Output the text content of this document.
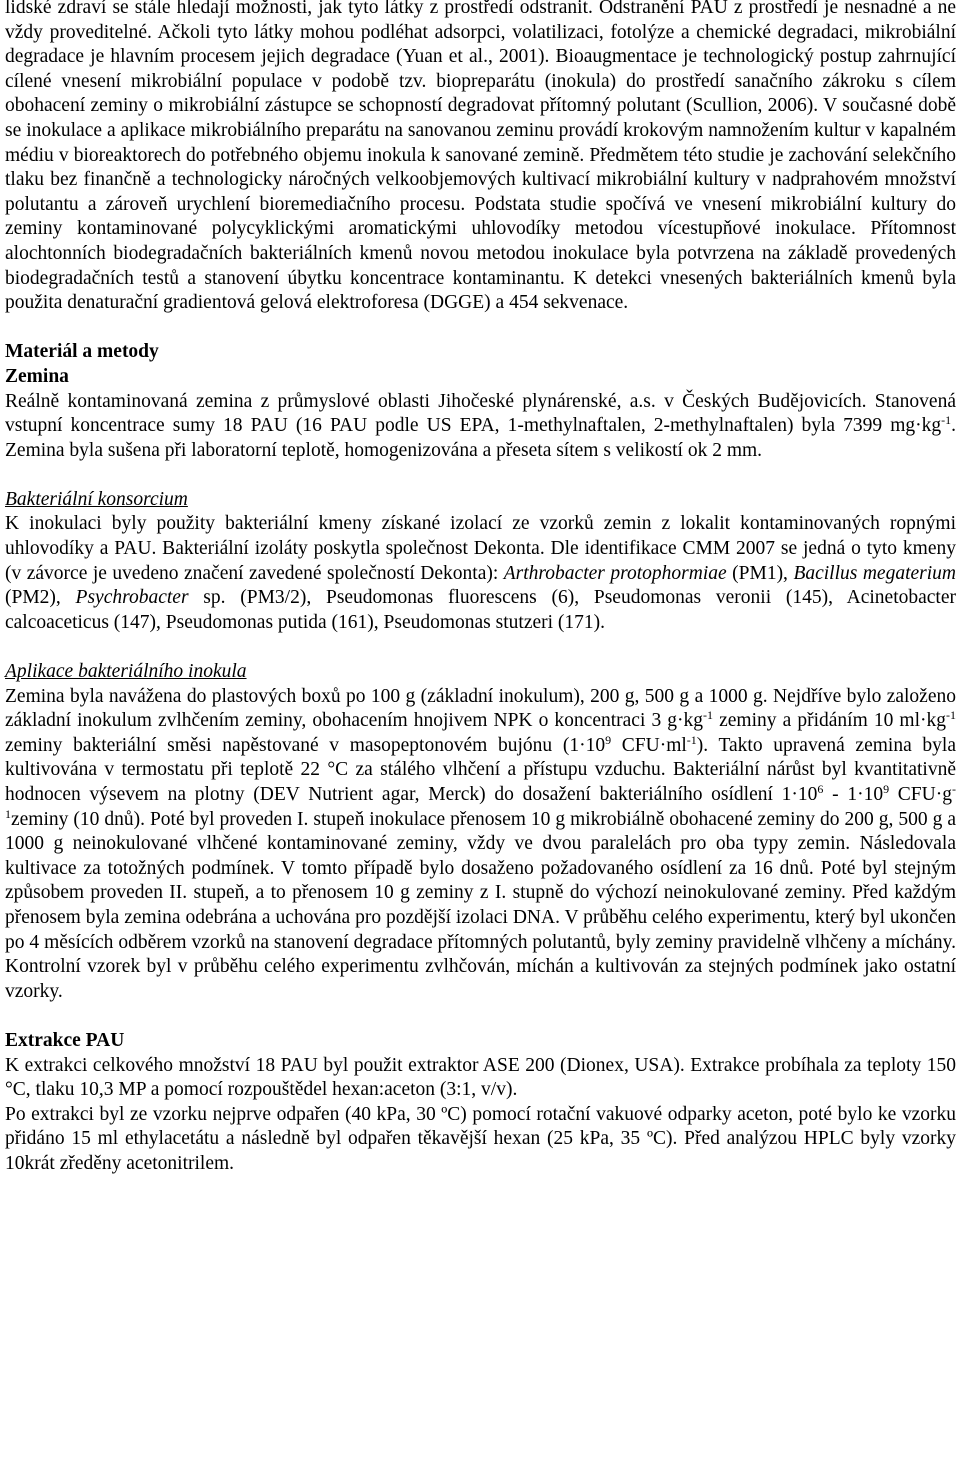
lidské zdraví se stále hledají možnosti, jak tyto látky z prostředí odstranit. Odstranění PAU z prostředí je nesnadné a ne vždy proveditelné. Ačkoli tyto látky mohou podléhat adsorpci, volatilizaci, fotolýze a chemické degradaci, mikrobiální degradace je hlavním procesem jejich degradace (Yuan et al., 2001). Bioaugmentace je technologický postup zahrnující cílené vnesení mikrobiální populace v podobě tzv. biopreparátu (inokula) do prostředí sanačního zákroku s cílem obohacení zeminy o mikrobiální zástupce se schopností degradovat přítomný polutant (Scullion, 2006). V současné době se inokulace a aplikace mikrobiálního preparátu na sanovanou zeminu provádí krokovým namnožením kultur v kapalném médiu v bioreaktorech do potřebného objemu inokula k sanované zemině. Předmětem této studie je zachování selekčního tlaku bez finančně a technologicky náročných velkoobjemových kultivací mikrobiální kultury v nadprahovém množství polutantu a zároveň urychlení bioremediačního procesu. Podstata studie spočívá ve vnesení mikrobiální kultury do zeminy kontaminované polycyklickými aromatickými uhlovodíky metodou vícestupňové inokulace. Přítomnost alochtonních biodegradačních bakteriálních kmenů novou metodou inokulace byla potvrzena na základě provedených biodegradačních testů a stanovení úbytku koncentrace kontaminantu. K detekci vnesených bakteriálních kmenů byla použita denaturační gradientová gelová elektroforesa (DGGE) a 454 sekvenace.

Materiál a metody
Zemina

Reálně kontaminovaná zemina z průmyslové oblasti Jihočeské plynárenské, a.s. v Českých Budějovicích. Stanovená vstupní koncentrace sumy 18 PAU (16 PAU podle US EPA, 1-methylnaftalen, 2-methylnaftalen) byla 7399 $mg\cdot kg^{-1}$. Zemina byla sušena při laboratorní teplotě, homogenizována a přeseta sítem s velikostí ok 2 mm.

Bakteriální konsorcium

K inokulaci byly použity bakteriální kmeny získané izolací ze vzorků zemin z lokalit kontaminovaných ropnými uhlovodíky a PAU. Bakteriální izoláty poskytla společnost Dekonta. Dle identifikace CMM 2007 se jedná o tyto kmeny (v závorce je uvedeno značení zavedené společností Dekonta): Arthrobacter protophormiae (PM1), Bacillus megaterium (PM2), Psychrobacter sp. (PM3/2), Pseudomonas fluorescens (6), Pseudomonas veronii (145), Acinetobacter calcoaceticus (147), Pseudomonas putida (161), Pseudomonas stutzeri (171).

Aplikace bakteriálního inokula

Zemina byla navážena do plastových boxů po 100 g (základní inokulum), 200 g, 500 g a 1000 g. Nejdříve bylo založeno základní inokulum zvlhčením zeminy, obohacením hnojivem NPK o koncentraci 3 $g\cdot kg^{-1}$ zeminy a přidáním 10 $ml\cdot kg^{-1}$ zeminy bakteriální směsi napěstované v masopeptonovém bujónu ($1\cdot 10^9$ $CFU\cdot ml^{-1}$). Takto upravená zemina byla kultivována v termostatu při teplotě 22 °C za stálého vlhčení a přístupu vzduchu. Bakteriální nárůst byl kvantitativně hodnocen výsevem na plotny (DEV Nutrient agar, Merck) do dosažení bakteriálního osídlení $1\cdot 10^6 - 1\cdot 10^9$ $CFU\cdot g^{-1}zeminy$ (10 dnů). Poté byl proveden I. stupeň inokulace přenosem 10 g mikrobiálně obohacené zeminy do 200 g, 500 g a 1000 g neinokulované vlhčené kontaminované zeminy, vždy ve dvou paralelách pro oba typy zemin. Následovala kultivace za totožných podmínek. V tomto případě bylo dosaženo požadovaného osídlení za 16 dnů. Poté byl stejným způsobem proveden II. stupeň, a to přenosem 10 g zeminy z I. stupně do výchozí neinokulované zeminy. Před každým přenosem byla zemina odebrána a uchována pro pozdější izolaci DNA. V průběhu celého experimentu, který byl ukončen po 4 měsících odběrem vzorků na stanovení degradace přítomných polutantů, byly zeminy pravidelně vlhčeny a míchány. Kontrolní vzorek byl v průběhu celého experimentu zvlhčován, míchán a kultivován za stejných podmínek jako ostatní vzorky.

Extrakce PAU

K extrakci celkového množství 18 PAU byl použit extraktor ASE 200 (Dionex, USA). Extrakce probíhala za teploty 150 °C, tlaku 10,3 MP a pomocí rozpouštědel hexan:aceton (3:1, v/v).

Po extrakci byl ze vzorku nejprve odpařen (40 kPa, 30 ºC) pomocí rotační vakuové odparky aceton, poté bylo ke vzorku přidáno 15 ml ethylacetátu a následně byl odpařen těkavější hexan (25 kPa, 35 ºC). Před analýzou HPLC byly vzorky 10krát zředěny acetonitrilem.
